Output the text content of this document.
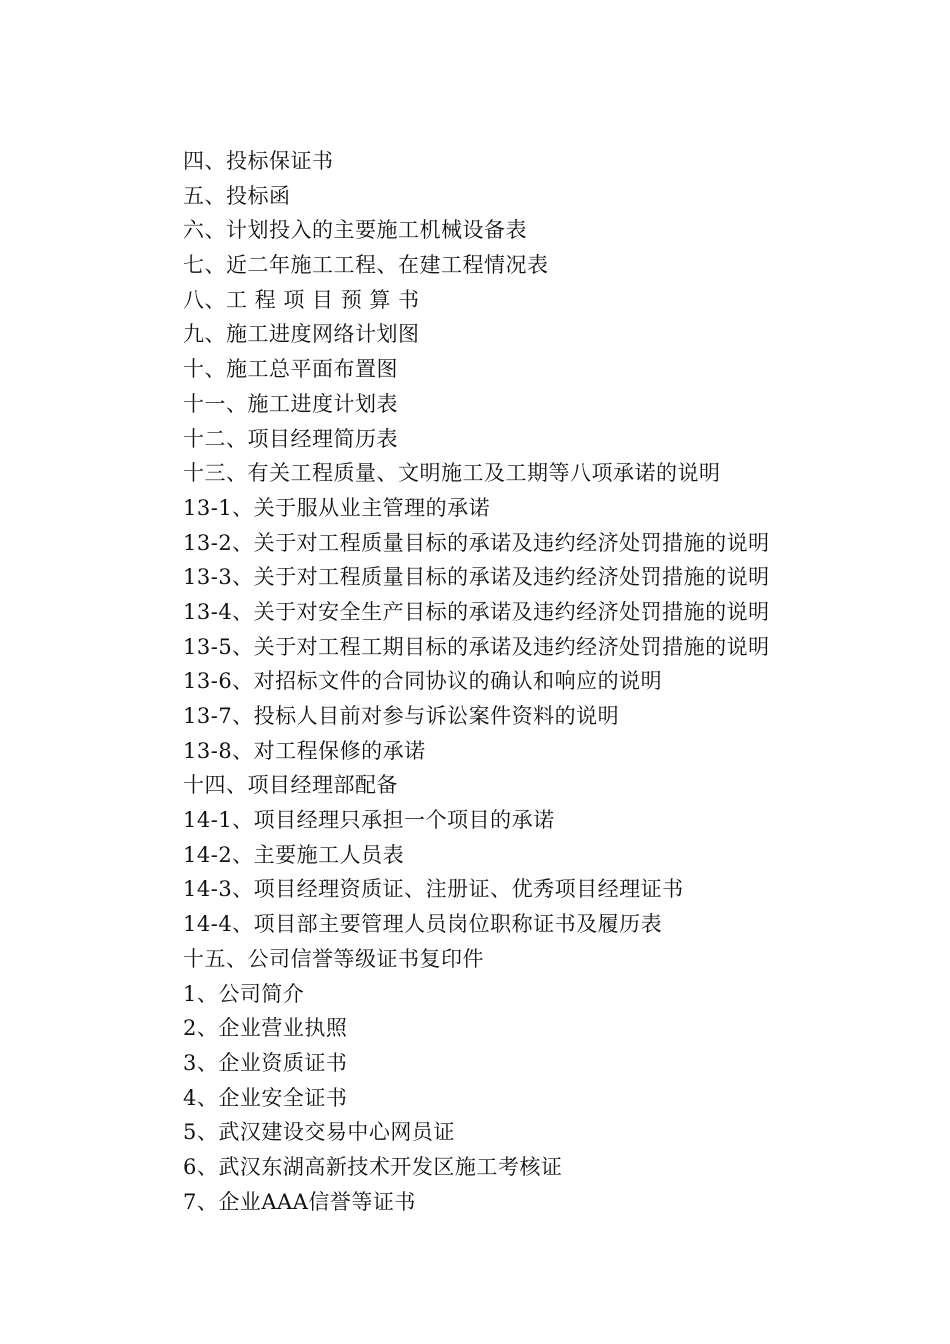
四、投标保证书
五、投标函
六、计划投入的主要施工机械设备表
七、近二年施工工程、在建工程情况表
八、工 程 项 目 预 算 书
九、施工进度网络计划图
十、施工总平面布置图
十一、施工进度计划表
十二、项目经理简历表
十三、有关工程质量、文明施工及工期等八项承诺的说明
13-1、关于服从业主管理的承诺
13-2、关于对工程质量目标的承诺及违约经济处罚措施的说明
13-3、关于对工程质量目标的承诺及违约经济处罚措施的说明
13-4、关于对安全生产目标的承诺及违约经济处罚措施的说明
13-5、关于对工程工期目标的承诺及违约经济处罚措施的说明
13-6、对招标文件的合同协议的确认和响应的说明
13-7、投标人目前对参与诉讼案件资料的说明
13-8、对工程保修的承诺
十四、项目经理部配备
14-1、项目经理只承担一个项目的承诺
14-2、主要施工人员表
14-3、项目经理资质证、注册证、优秀项目经理证书
14-4、项目部主要管理人员岗位职称证书及履历表
十五、公司信誉等级证书复印件
1、公司简介
2、企业营业执照
3、企业资质证书
4、企业安全证书
5、武汉建设交易中心网员证
6、武汉东湖高新技术开发区施工考核证
7、企业AAA信誉等证书
